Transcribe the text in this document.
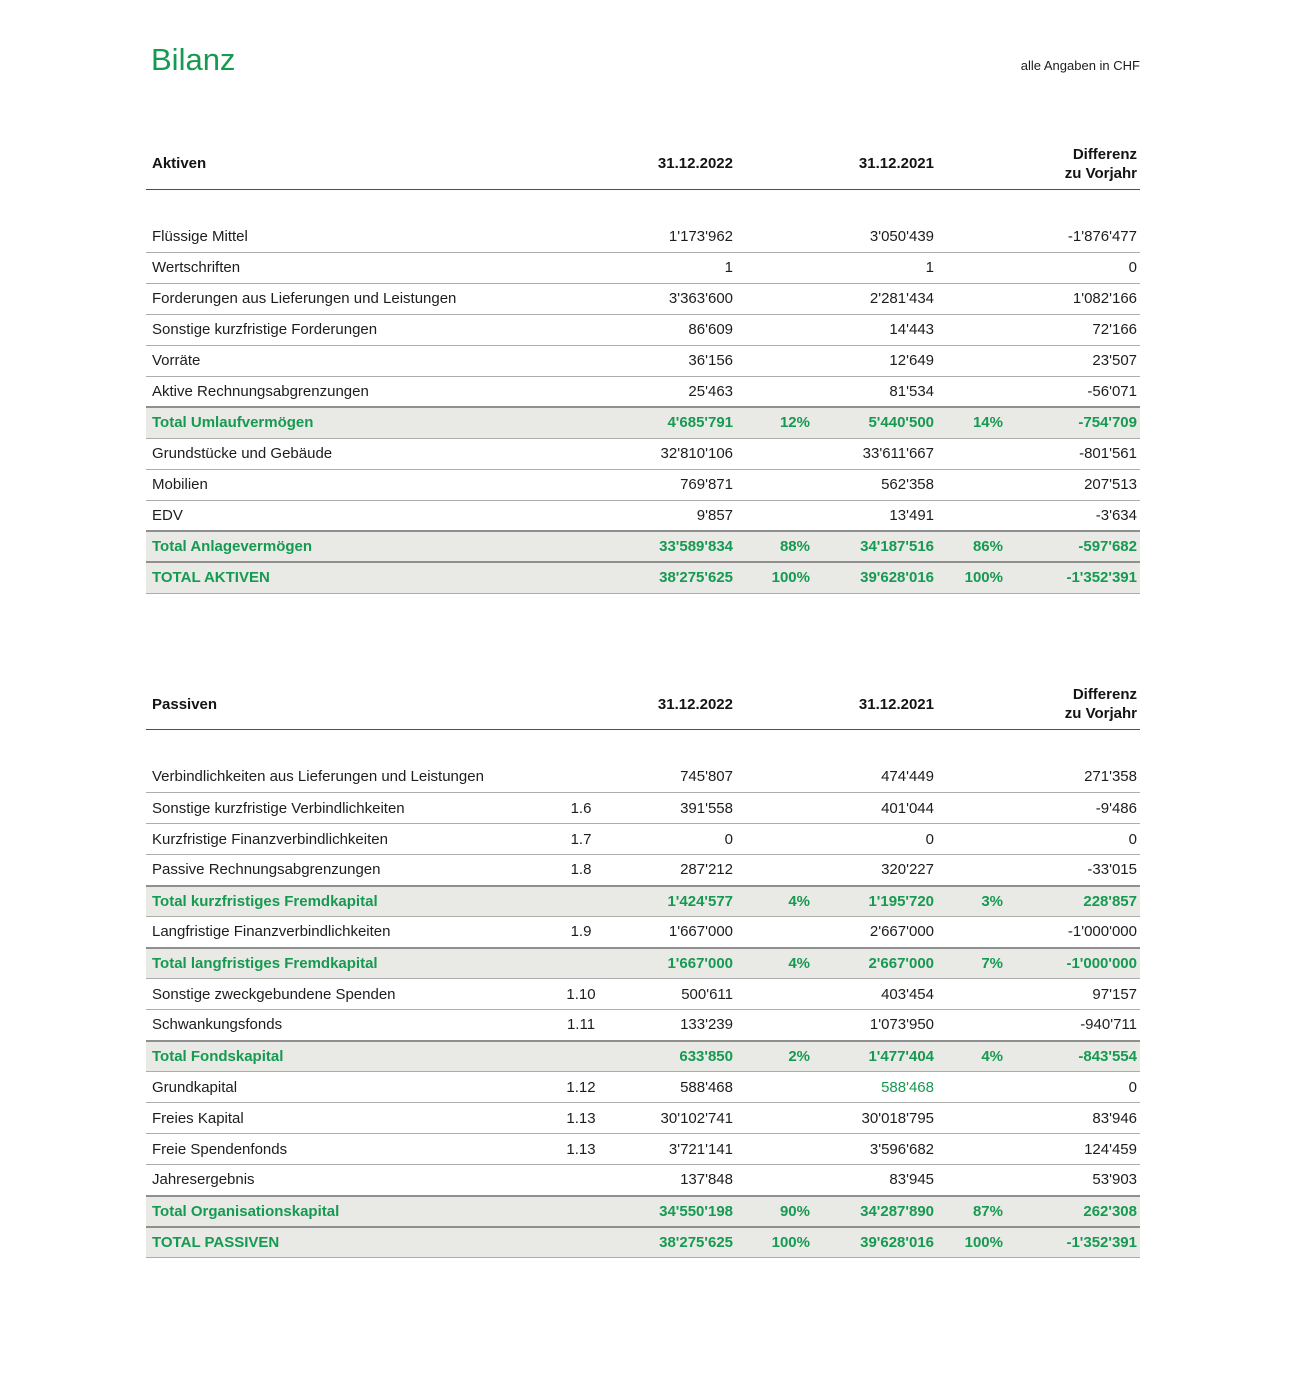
Bilanz	alle Angaben in CHF
Aktiven		31.12.2022		31.12.2021		Differenz
zu Vorjahr

Flüssige Mittel		1'173'962		3'050'439		-1'876'477
Wertschriften		1		1		0
Forderungen aus Lieferungen und Leistungen		3'363'600		2'281'434		1'082'166
Sonstige kurzfristige Forderungen		86'609		14'443		72'166
Vorräte		36'156		12'649		23'507
Aktive Rechnungsabgrenzungen		25'463		81'534		-56'071
Total Umlaufvermögen		4'685'791	12%	5'440'500	14%	-754'709
Grundstücke und Gebäude		32'810'106		33'611'667		-801'561
Mobilien		769'871		562'358		207'513
EDV		9'857		13'491		-3'634
Total Anlagevermögen		33'589'834	88%	34'187'516	86%	-597'682
TOTAL AKTIVEN		38'275'625	100%	39'628'016	100%	-1'352'391
Passiven		31.12.2022		31.12.2021		Differenz
zu Vorjahr

Verbindlichkeiten aus Lieferungen und Leistungen		745'807		474'449		271'358
Sonstige kurzfristige Verbindlichkeiten	1.6	391'558		401'044		-9'486
Kurzfristige Finanzverbindlichkeiten	1.7	0		0		0
Passive Rechnungsabgrenzungen	1.8	287'212		320'227		-33'015
Total kurzfristiges Fremdkapital		1'424'577	4%	1'195'720	3%	228'857
Langfristige Finanzverbindlichkeiten	1.9	1'667'000		2'667'000		-1'000'000
Total langfristiges Fremdkapital		1'667'000	4%	2'667'000	7%	-1'000'000
Sonstige zweckgebundene Spenden	1.10	500'611		403'454		97'157
Schwankungsfonds	1.11	133'239		1'073'950		-940'711
Total Fondskapital		633'850	2%	1'477'404	4%	-843'554
Grundkapital	1.12	588'468		588'468		0
Freies Kapital	1.13	30'102'741		30'018'795		83'946
Freie Spendenfonds	1.13	3'721'141		3'596'682		124'459
Jahresergebnis		137'848		83'945		53'903
Total Organisationskapital		34'550'198	90%	34'287'890	87%	262'308
TOTAL PASSIVEN		38'275'625	100%	39'628'016	100%	-1'352'391
